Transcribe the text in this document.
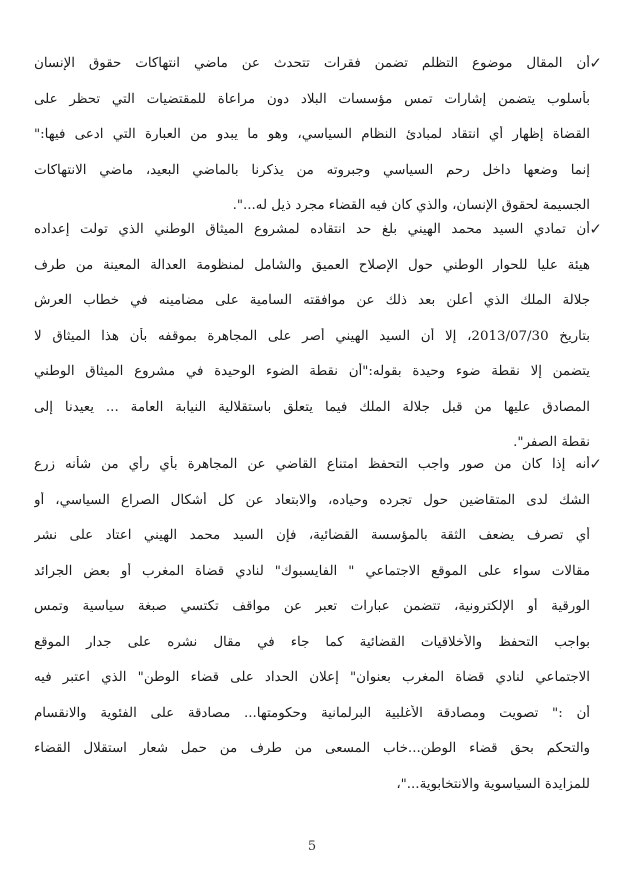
✓
أن المقال موضوع التظلم تضمن فقرات تتحدث عن ماضي انتهاكات حقوق الإنسان
بأسلوب يتضمن إشارات تمس مؤسسات البلاد دون مراعاة للمقتضيات التي تحظر على
القضاة إظهار أي انتقاد لمبادئ النظام السياسي، وهو ما يبدو من العبارة التي ادعى فيها:"
إنما وضعها داخل رحم السياسي وجبروته من يذكرنا بالماضي البعيد، ماضي الانتهاكات
الجسيمة لحقوق الإنسان، والذي كان فيه القضاء مجرد ذيل له...".
✓
أن تمادي السيد محمد الهيني بلغ حد انتقاده لمشروع الميثاق الوطني الذي تولت إعداده
هيئة عليا للحوار الوطني حول الإصلاح العميق والشامل لمنظومة العدالة المعينة من طرف
جلالة الملك الذي أعلن بعد ذلك عن موافقته السامية على مضامينه في خطاب العرش
بتاريخ 2013/07/30، إلا أن السيد الهيني أصر على المجاهرة بموقفه بأن هذا الميثاق لا
يتضمن إلا نقطة ضوء وحيدة بقوله:"أن نقطة الضوء الوحيدة في مشروع الميثاق الوطني
المصادق عليها من قبل جلالة الملك فيما يتعلق باستقلالية النيابة العامة ... يعيدنا إلى
نقطة الصفر".
✓
أنه إذا كان من صور واجب التحفظ امتناع القاضي عن المجاهرة بأي رأي من شأنه زرع
الشك لدى المتقاضين حول تجرده وحياده، والابتعاد عن كل أشكال الصراع السياسي، أو
أي تصرف يضعف الثقة بالمؤسسة القضائية، فإن السيد محمد الهيني اعتاد على نشر
مقالات سواء على الموقع الاجتماعي " الفايسبوك" لنادي قضاة المغرب أو بعض الجرائد
الورقية أو الإلكترونية، تتضمن عبارات تعبر عن مواقف تكتسي صبغة سياسية وتمس
بواجب التحفظ والأخلاقيات القضائية كما جاء في مقال نشره على جدار الموقع
الاجتماعي لنادي قضاة المغرب بعنوان" إعلان الحداد على قضاء الوطن" الذي اعتبر فيه
أن :" تصويت ومصادقة الأغلبية البرلمانية وحكومتها... مصادقة على الفئوية والانقسام
والتحكم بحق قضاء الوطن...خاب المسعى من طرف من حمل شعار استقلال القضاء
للمزايدة السياسوية والانتخابوية..."،
5
